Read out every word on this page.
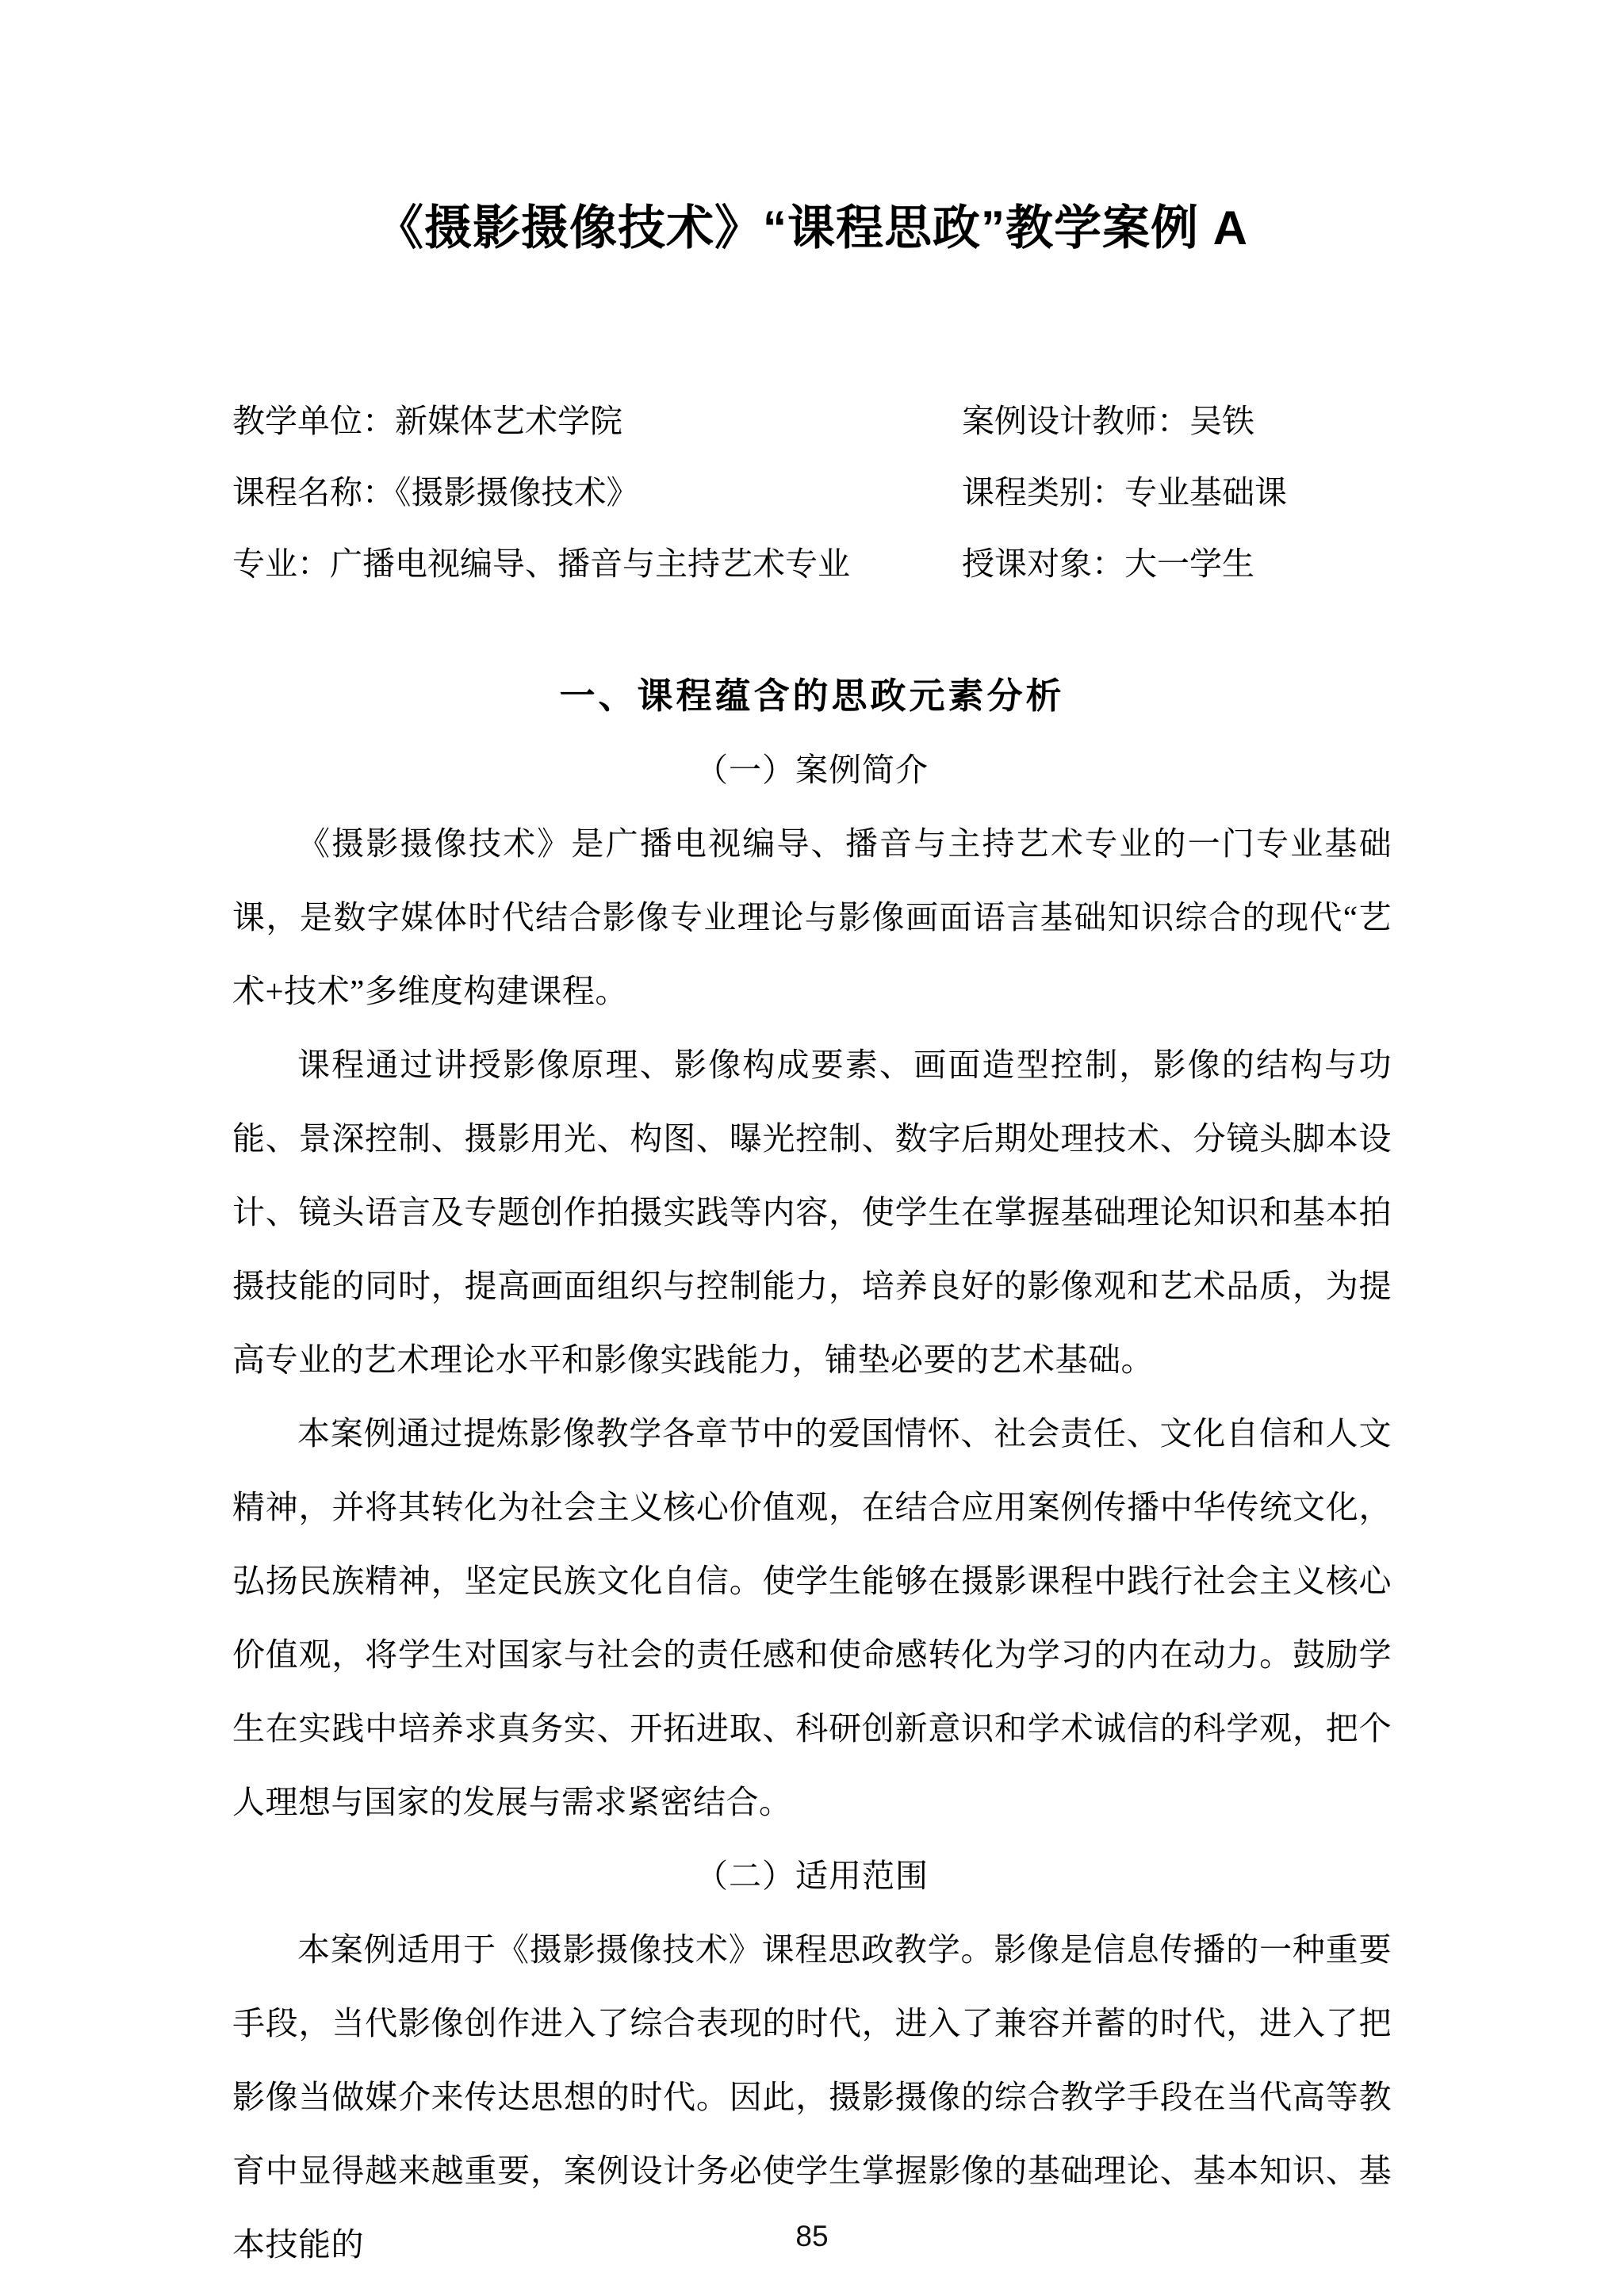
《摄影摄像技术》“课程思政”教学案例 A
教学单位：新媒体艺术学院	案例设计教师：吴铁
课程名称：《摄影摄像技术》	课程类别：专业基础课
专业：广播电视编导、播音与主持艺术专业	授课对象：大一学生
一、课程蕴含的思政元素分析
（一）案例简介

《摄影摄像技术》是广播电视编导、播音与主持艺术专业的一门专业基础课，是数字媒体时代结合影像专业理论与影像画面语言基础知识综合的现代“艺术+技术”多维度构建课程。

课程通过讲授影像原理、影像构成要素、画面造型控制，影像的结构与功能、景深控制、摄影用光、构图、曝光控制、数字后期处理技术、分镜头脚本设计、镜头语言及专题创作拍摄实践等内容，使学生在掌握基础理论知识和基本拍摄技能的同时，提高画面组织与控制能力，培养良好的影像观和艺术品质，为提高专业的艺术理论水平和影像实践能力，铺垫必要的艺术基础。

本案例通过提炼影像教学各章节中的爱国情怀、社会责任、文化自信和人文精神，并将其转化为社会主义核心价值观，在结合应用案例传播中华传统文化，弘扬民族精神，坚定民族文化自信。使学生能够在摄影课程中践行社会主义核心价值观，将学生对国家与社会的责任感和使命感转化为学习的内在动力。鼓励学生在实践中培养求真务实、开拓进取、科研创新意识和学术诚信的科学观，把个人理想与国家的发展与需求紧密结合。

（二）适用范围

本案例适用于《摄影摄像技术》课程思政教学。影像是信息传播的一种重要手段，当代影像创作进入了综合表现的时代，进入了兼容并蓄的时代，进入了把影像当做媒介来传达思想的时代。因此，摄影摄像的综合教学手段在当代高等教育中显得越来越重要，案例设计务必使学生掌握影像的基础理论、基本知识、基本技能的	85
